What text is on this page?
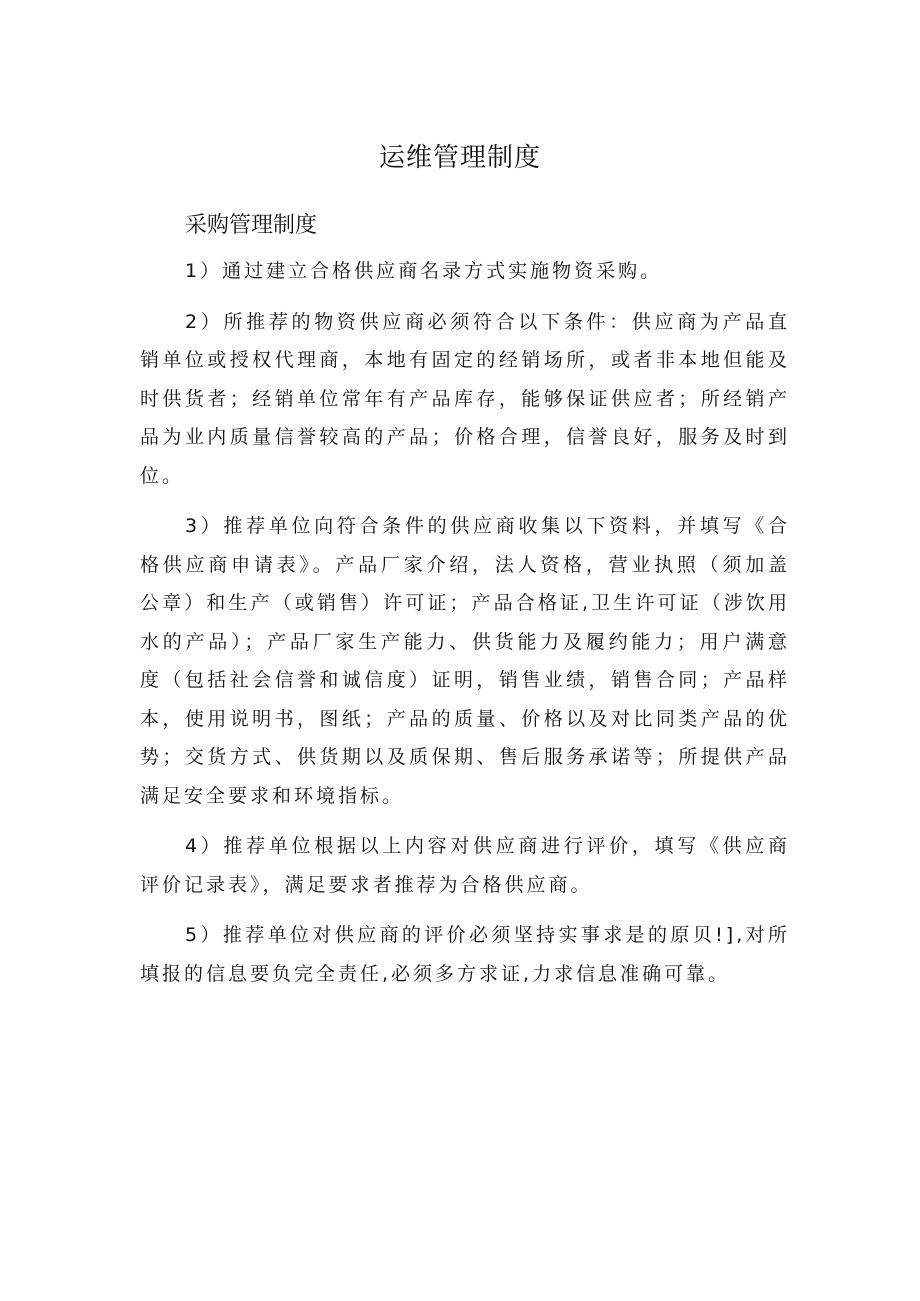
运维管理制度
采购管理制度

1）通过建立合格供应商名录方式实施物资采购。

2）所推荐的物资供应商必须符合以下条件：供应商为产品直销单位或授权代理商，本地有固定的经销场所，或者非本地但能及时供货者；经销单位常年有产品库存，能够保证供应者；所经销产品为业内质量信誉较高的产品；价格合理，信誉良好，服务及时到位。

3）推荐单位向符合条件的供应商收集以下资料，并填写《合格供应商申请表》。产品厂家介绍，法人资格，营业执照（须加盖公章）和生产（或销售）许可证；产品合格证,卫生许可证（涉饮用水的产品）；产品厂家生产能力、供货能力及履约能力；用户满意度（包括社会信誉和诚信度）证明，销售业绩，销售合同；产品样本，使用说明书，图纸；产品的质量、价格以及对比同类产品的优势；交货方式、供货期以及质保期、售后服务承诺等；所提供产品满足安全要求和环境指标。

4）推荐单位根据以上内容对供应商进行评价，填写《供应商评价记录表》，满足要求者推荐为合格供应商。

5）推荐单位对供应商的评价必须坚持实事求是的原贝!],对所填报的信息要负完全责任,必须多方求证,力求信息准确可靠。
